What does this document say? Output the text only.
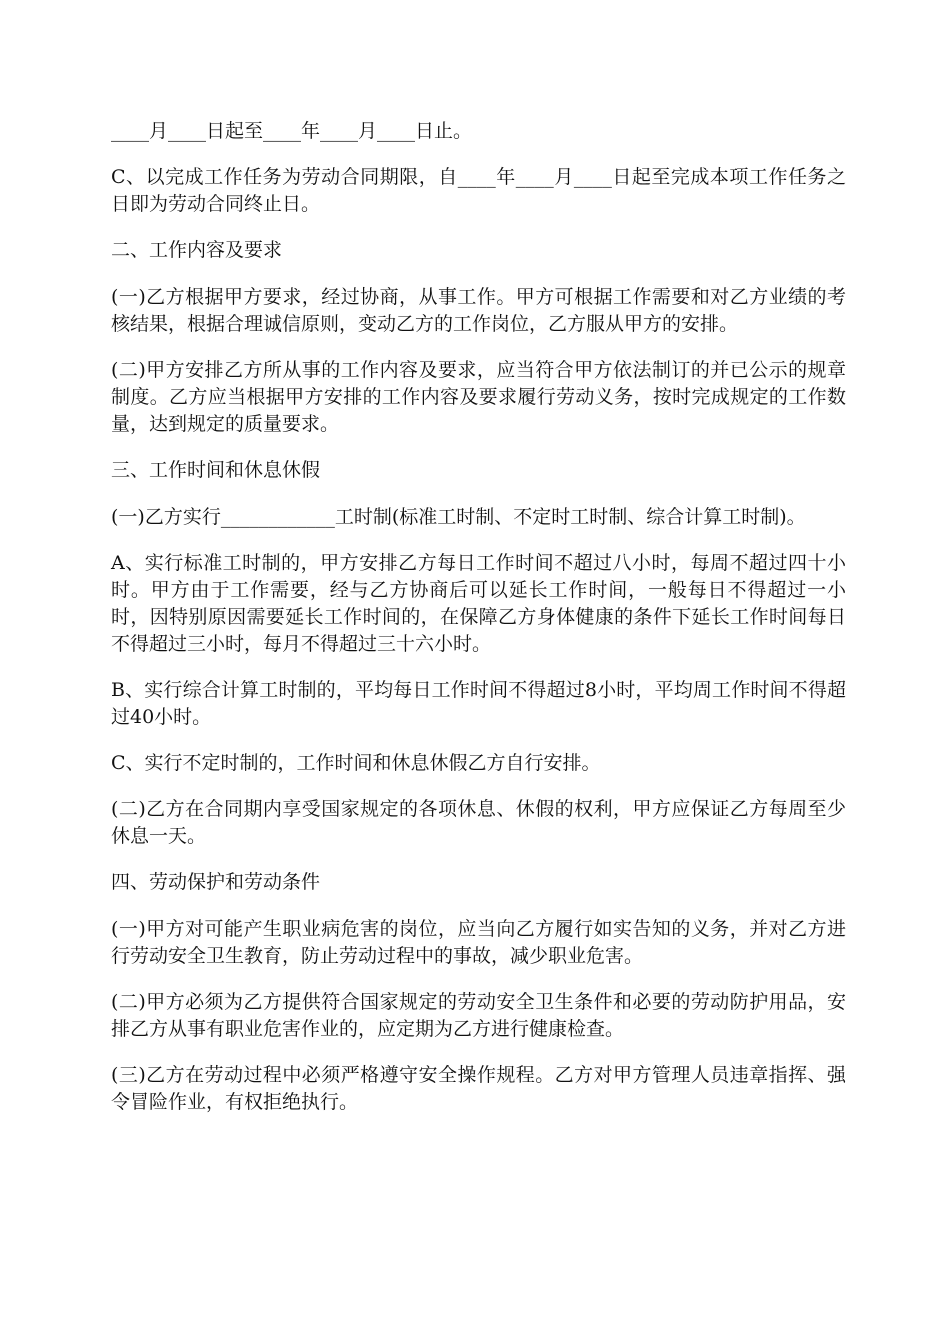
____月____日起至____年____月____日止。

C、以完成工作任务为劳动合同期限，自____年____月____日起至完成本项工作任务之日即为劳动合同终止日。

二、工作内容及要求

(一)乙方根据甲方要求，经过协商，从事工作。甲方可根据工作需要和对乙方业绩的考核结果，根据合理诚信原则，变动乙方的工作岗位，乙方服从甲方的安排。

(二)甲方安排乙方所从事的工作内容及要求，应当符合甲方依法制订的并已公示的规章制度。乙方应当根据甲方安排的工作内容及要求履行劳动义务，按时完成规定的工作数量，达到规定的质量要求。

三、工作时间和休息休假

(一)乙方实行____________工时制(标准工时制、不定时工时制、综合计算工时制)。

A、实行标准工时制的，甲方安排乙方每日工作时间不超过八小时，每周不超过四十小时。甲方由于工作需要，经与乙方协商后可以延长工作时间，一般每日不得超过一小时，因特别原因需要延长工作时间的，在保障乙方身体健康的条件下延长工作时间每日不得超过三小时，每月不得超过三十六小时。

B、实行综合计算工时制的，平均每日工作时间不得超过8小时，平均周工作时间不得超过40小时。

C、实行不定时制的，工作时间和休息休假乙方自行安排。

(二)乙方在合同期内享受国家规定的各项休息、休假的权利，甲方应保证乙方每周至少休息一天。

四、劳动保护和劳动条件

(一)甲方对可能产生职业病危害的岗位，应当向乙方履行如实告知的义务，并对乙方进行劳动安全卫生教育，防止劳动过程中的事故，减少职业危害。

(二)甲方必须为乙方提供符合国家规定的劳动安全卫生条件和必要的劳动防护用品，安排乙方从事有职业危害作业的，应定期为乙方进行健康检查。

(三)乙方在劳动过程中必须严格遵守安全操作规程。乙方对甲方管理人员违章指挥、强令冒险作业，有权拒绝执行。
